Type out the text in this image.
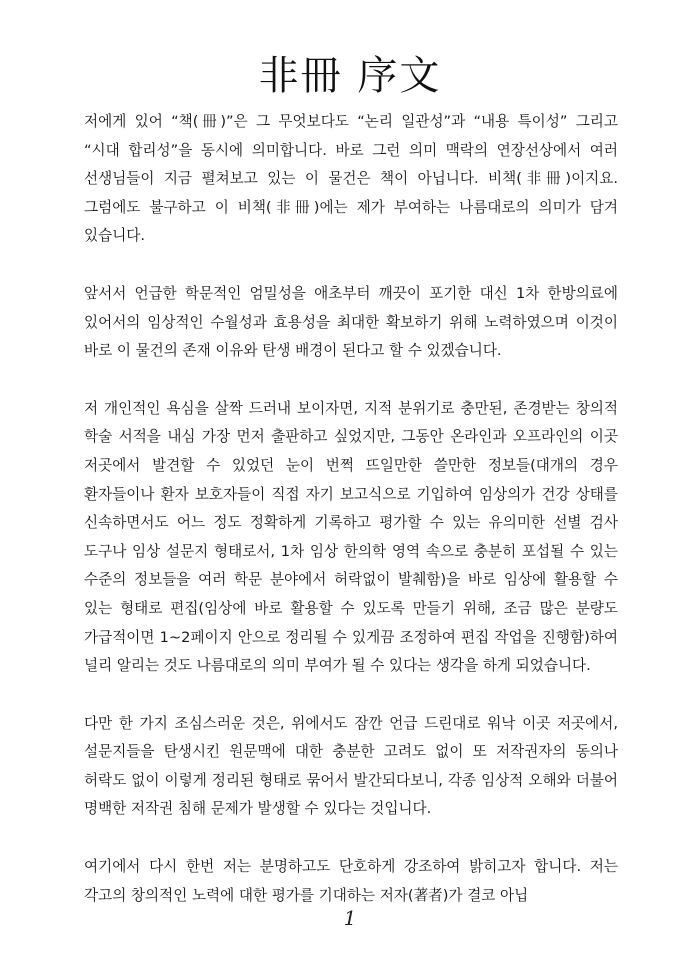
非冊 序文

저에게 있어 “책(冊)”은 그 무엇보다도 “논리 일관성”과 “내용 특이성” 그리고 “시대 합리성”을 동시에 의미합니다. 바로 그런 의미 맥락의 연장선상에서 여러 선생님들이 지금 펼쳐보고 있는 이 물건은 책이 아닙니다. 비책(非冊)이지요. 그럼에도 불구하고 이 비책(非冊)에는 제가 부여하는 나름대로의 의미가 담겨 있습니다.

앞서서 언급한 학문적인 엄밀성을 애초부터 깨끗이 포기한 대신 1차 한방의료에 있어서의 임상적인 수월성과 효용성을 최대한 확보하기 위해 노력하였으며 이것이 바로 이 물건의 존재 이유와 탄생 배경이 된다고 할 수 있겠습니다.

저 개인적인 욕심을 살짝 드러내 보이자면, 지적 분위기로 충만된, 존경받는 창의적 학술 서적을 내심 가장 먼저 출판하고 싶었지만, 그동안 온라인과 오프라인의 이곳 저곳에서 발견할 수 있었던 눈이 번쩍 뜨일만한 쓸만한 정보들(대개의 경우 환자들이나 환자 보호자들이 직접 자기 보고식으로 기입하여 임상의가 건강 상태를 신속하면서도 어느 정도 정확하게 기록하고 평가할 수 있는 유의미한 선별 검사 도구나 임상 설문지 형태로서, 1차 임상 한의학 영역 속으로 충분히 포섭될 수 있는 수준의 정보들을 여러 학문 분야에서 허락없이 발췌함)을 바로 임상에 활용할 수 있는 형태로 편집(임상에 바로 활용할 수 있도록 만들기 위해, 조금 많은 분량도 가급적이면 1~2페이지 안으로 정리될 수 있게끔 조정하여 편집 작업을 진행함)하여 널리 알리는 것도 나름대로의 의미 부여가 될 수 있다는 생각을 하게 되었습니다.

다만 한 가지 조심스러운 것은, 위에서도 잠깐 언급 드린대로 워낙 이곳 저곳에서, 설문지들을 탄생시킨 원문맥에 대한 충분한 고려도 없이 또 저작권자의 동의나 허락도 없이 이렇게 정리된 형태로 묶어서 발간되다보니, 각종 임상적 오해와 더불어 명백한 저작권 침해 문제가 발생할 수 있다는 것입니다.

여기에서 다시 한번 저는 분명하고도 단호하게 강조하여 밝히고자 합니다. 저는 각고의 창의적인 노력에 대한 평가를 기대하는 저자(著者)가 결코 아닙

1
